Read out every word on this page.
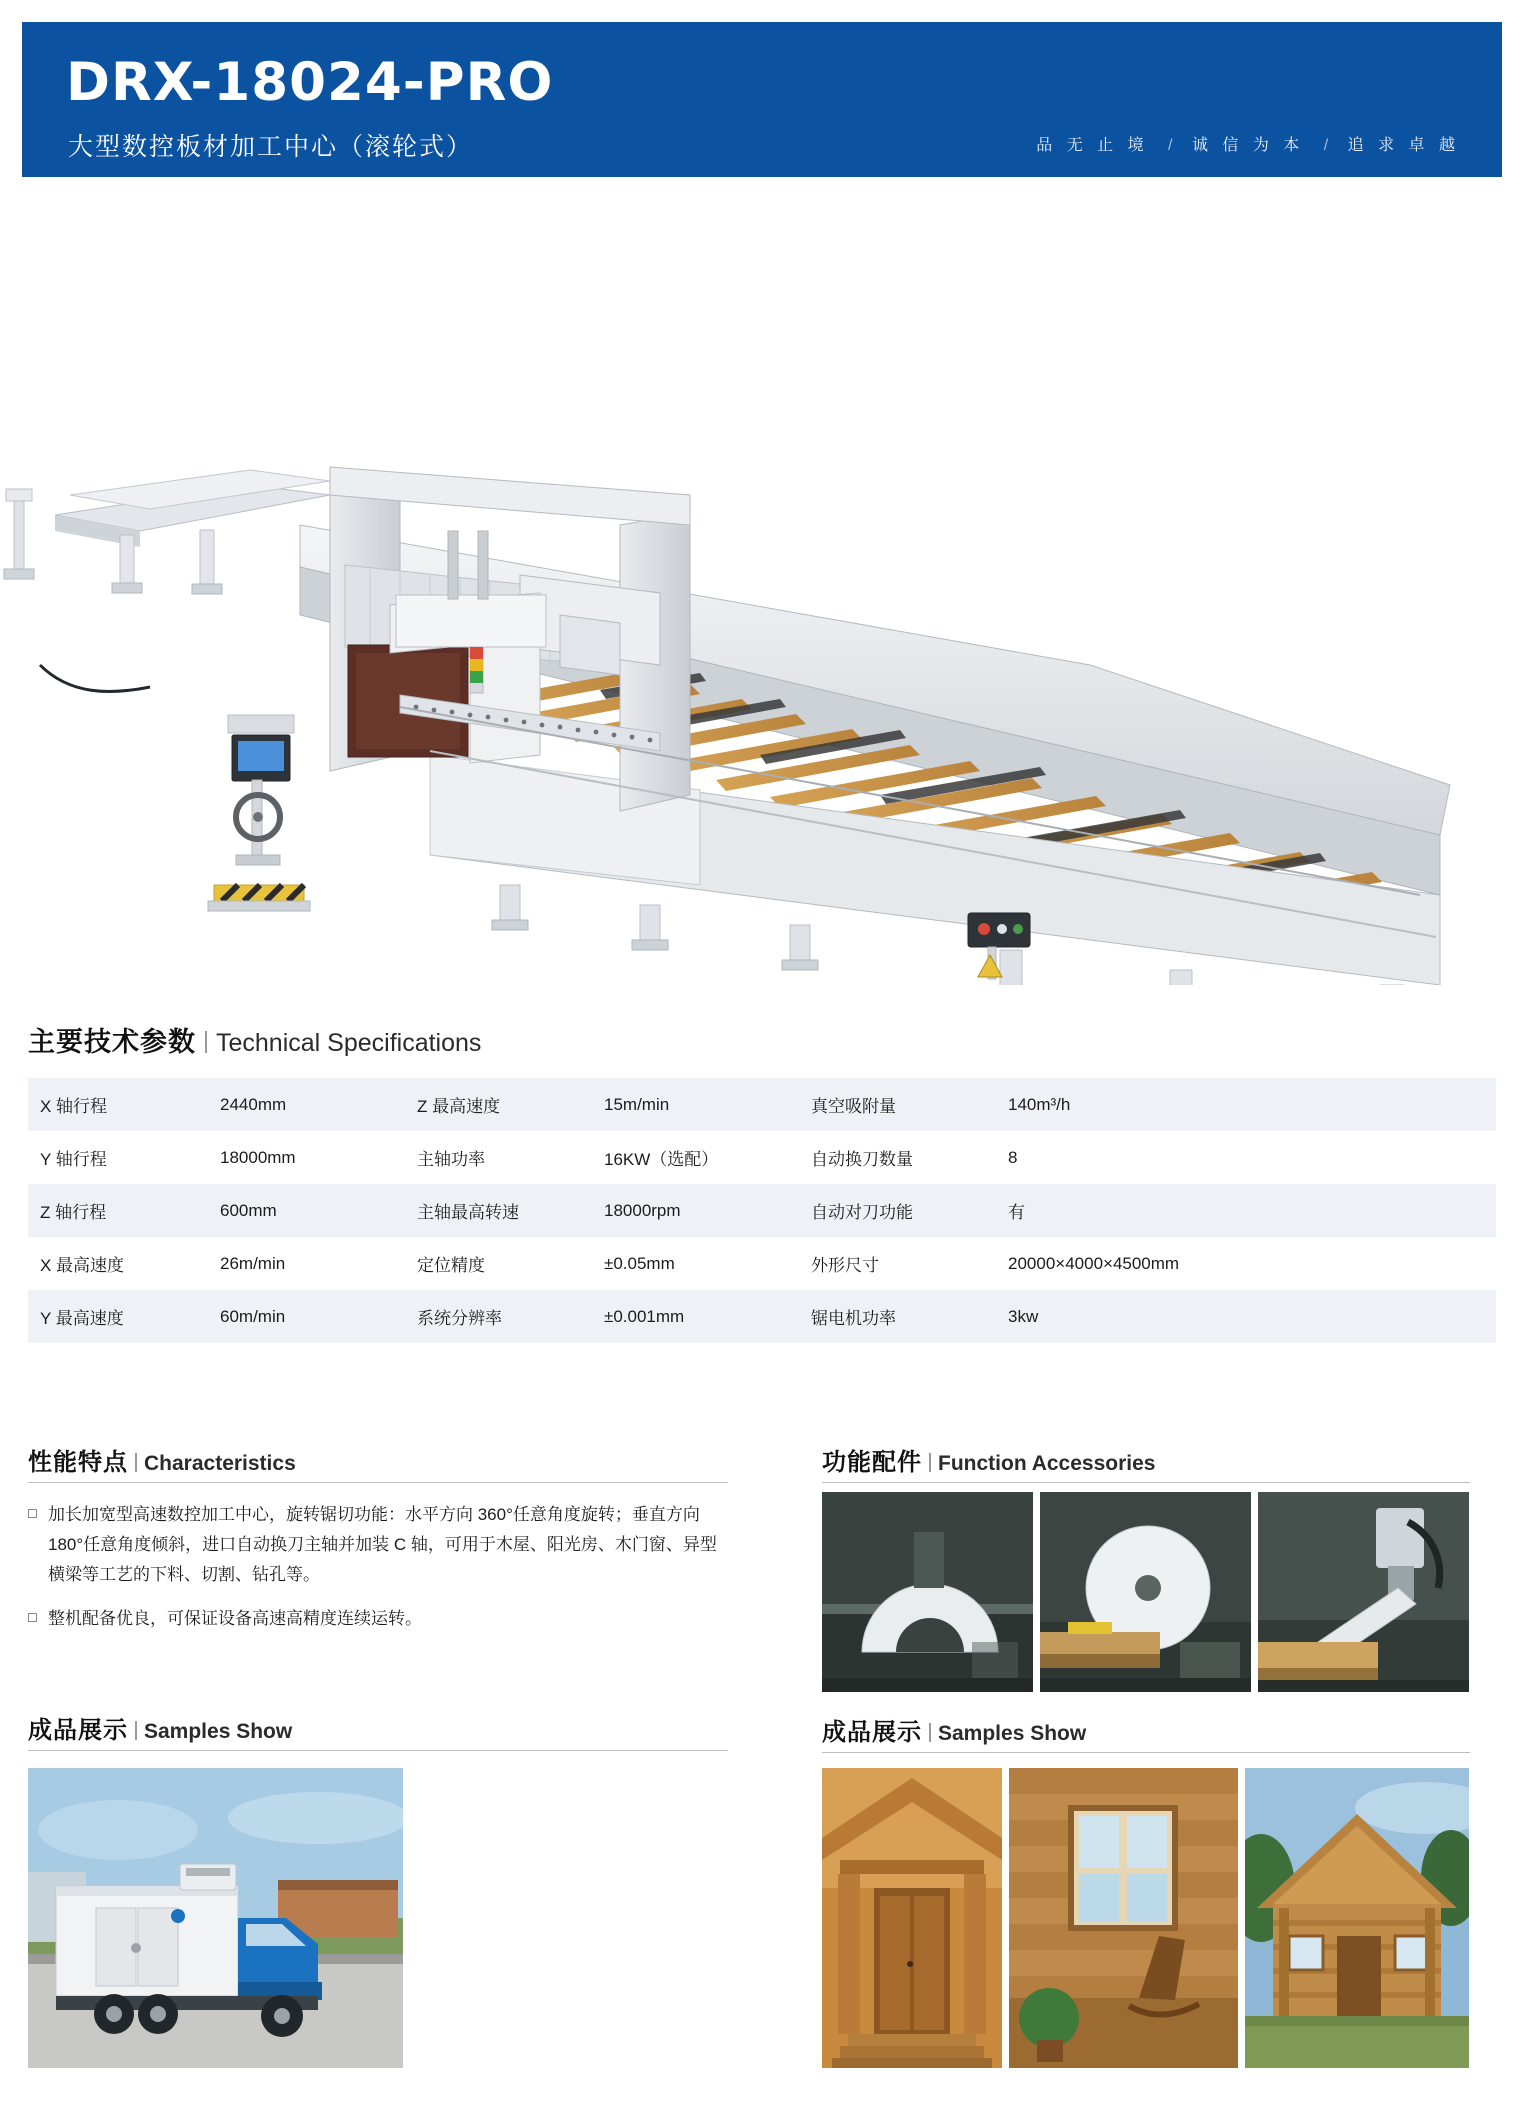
DRX-18024-PRO
大型数控板材加工中心（滚轮式）	品 无 止 境 / 诚 信 为 本 / 追 求 卓 越
主要技术参数 Technical Specifications
X 轴行程	2440mm	Z 最高速度	15m/min	真空吸附量	140m³/h
Y 轴行程	18000mm	主轴功率	16KW（选配）	自动换刀数量	8
Z 轴行程	600mm	主轴最高转速	18000rpm	自动对刀功能	有
X 最高速度	26m/min	定位精度	±0.05mm	外形尺寸	20000×4000×4500mm
Y 最高速度	60m/min	系统分辨率	±0.001mm	锯电机功率	3kw
性能特点 Characteristics
加长加宽型高速数控加工中心，旋转锯切功能：水平方向 360°任意角度旋转；垂直方向 180°任意角度倾斜，进口自动换刀主轴并加装 C 轴，可用于木屋、阳光房、木门窗、异型横梁等工艺的下料、切割、钻孔等。
整机配备优良，可保证设备高速高精度连续运转。
功能配件 Function Accessories
成品展示 Samples Show	成品展示 Samples Show
